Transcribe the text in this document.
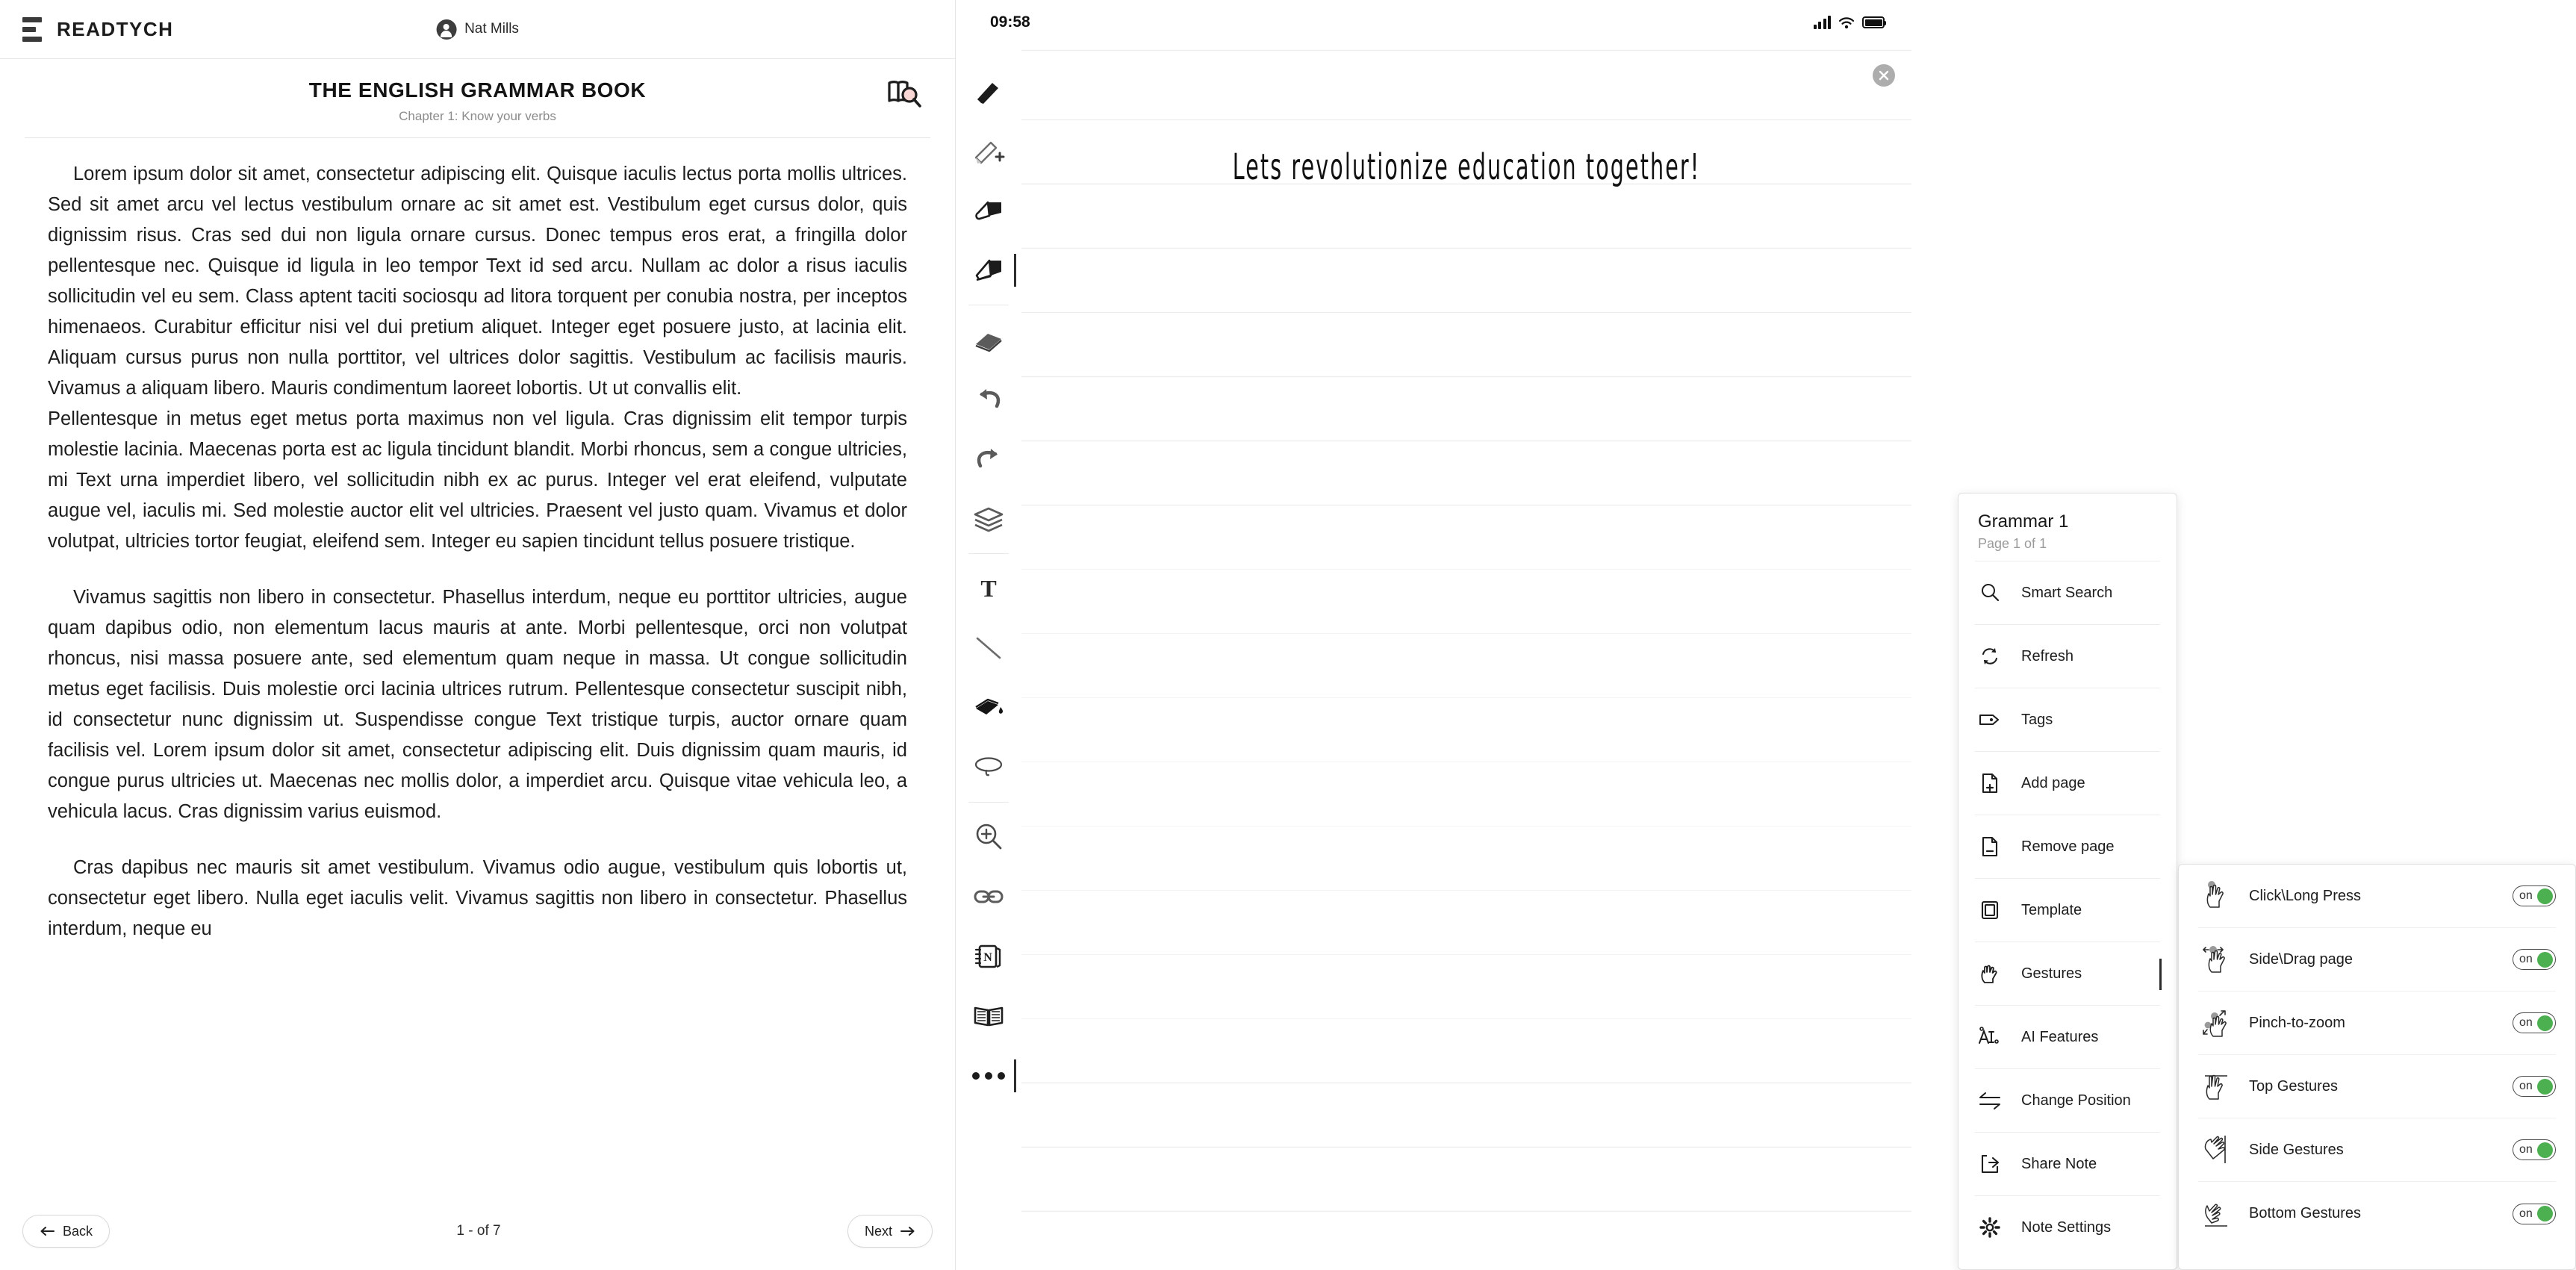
READTYCH	Nat Mills
THE ENGLISH GRAMMAR BOOK
Chapter 1: Know your verbs

Lorem ipsum dolor sit amet, consectetur adipiscing elit. Quisque iaculis lectus porta mollis ultrices. Sed sit amet arcu vel lectus vestibulum ornare ac sit amet est. Vestibulum eget cursus dolor, quis dignissim risus. Cras sed dui non ligula ornare cursus. Donec tempus eros erat, a fringilla dolor pellentesque nec. Quisque id ligula in leo tempor Text id sed arcu. Nullam ac dolor a risus iaculis sollicitudin vel eu sem. Class aptent taciti sociosqu ad litora torquent per conubia nostra, per inceptos himenaeos. Curabitur efficitur nisi vel dui pretium aliquet. Integer eget posuere justo, at lacinia elit. Aliquam cursus purus non nulla porttitor, vel ultrices dolor sagittis. Vestibulum ac facilisis mauris. Vivamus a aliquam libero. Mauris condimentum laoreet lobortis. Ut ut convallis elit.

Pellentesque in metus eget metus porta maximus non vel ligula. Cras dignissim elit tempor turpis molestie lacinia. Maecenas porta est ac ligula tincidunt blandit. Morbi rhoncus, sem a congue ultricies, mi Text urna imperdiet libero, vel sollicitudin nibh ex ac purus. Integer vel erat eleifend, vulputate augue vel, iaculis mi. Sed molestie auctor elit vel ultricies. Praesent vel justo quam. Vivamus et dolor volutpat, ultricies tortor feugiat, eleifend sem. Integer eu sapien tincidunt tellus posuere tristique.

Vivamus sagittis non libero in consectetur. Phasellus interdum, neque eu porttitor ultricies, augue quam dapibus odio, non elementum lacus mauris at ante. Morbi pellentesque, orci non volutpat rhoncus, nisi massa posuere ante, sed elementum quam neque in massa. Ut congue sollicitudin metus eget facilisis. Duis molestie orci lacinia ultrices rutrum. Pellentesque consectetur suscipit nibh, id consectetur nunc dignissim ut. Suspendisse congue Text tristique turpis, auctor ornare quam facilisis vel. Lorem ipsum dolor sit amet, consectetur adipiscing elit. Duis dignissim quam mauris, id congue purus ultricies ut. Maecenas nec mollis dolor, a imperdiet arcu. Quisque vitae vehicula leo, a vehicula lacus. Cras dignissim varius euismod.

Cras dapibus nec mauris sit amet vestibulum. Vivamus odio augue, vestibulum quis lobortis ut, consectetur eget libero. Nulla eget iaculis velit. Vivamus sagittis non libero in consectetur. Phasellus interdum, neque eu

Back	1 - of 7	Next
09:58
Lets revolutionize education together!
T
N
Grammar 1
Page 1 of 1
Smart Search
Refresh
Tags
Add page
Remove page
Template
Gestures
AI Features
Change Position
Share Note
Note Settings
Click\Long Press	on
Side\Drag page	on
Pinch-to-zoom	on
Top Gestures	on
Side Gestures	on
Bottom Gestures	on
